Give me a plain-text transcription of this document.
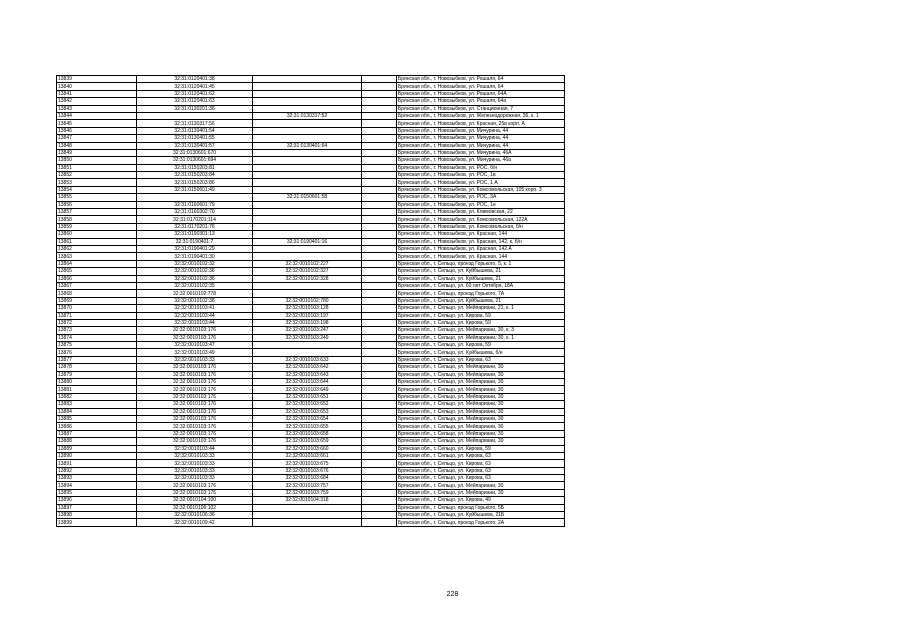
13839	32:31:0120401:38			Брянская обл., г. Новозыбков, ул. Рошаля, 64
13840	32:31:0120401:45			Брянская обл., г. Новозыбков, ул. Рошаля, 64
13841	32:31:0120401:62			Брянская обл., г. Новозыбков, ул. Рошаля, 64А
13842	32:31:0120401:63			Брянская обл., г. Новозыбков, ул. Рошаля, 64а
13843	32:31:0130201:36			Брянская обл., г. Новозыбков, ул. Станционная, 7
13844		32:31:0130317:52		Брянская обл., г. Новозыбков, ул. Железнодорожная, 36, к. 1
13845	32:31:0130317:56			Брянская обл., г. Новозыбков, ул. Красная, 25в корп. А
13846	32:31:0130401:54			Брянская обл., г. Новозыбков, ул. Мичурина, 44
13847	32:31:0130401:55			Брянская обл., г. Новозыбков, ул. Мичурина, 44
13848	32:31:0130401:57	32:31:0130401:64		Брянская обл., г. Новозыбков, ул. Мичурина, 44
13849	32:31:0130601:670			Брянская обл., г. Новозыбков, ул. Мичурина, 46А
13850	32:31:0130601:694			Брянская обл., г. Новозыбков, ул. Мичурина, 46а
13851	32:31:0150203:81			Брянская обл., г. Новозыбков, ул. РОС, б/н
13852	32:31:0150203:84			Брянская обл., г. Новозыбков, ул. РОС, 1в
13853	32:31:0150203:86			Брянская обл., г. Новозыбков, ул. РОС, 1 А
13854	32:31:0150601:49			Брянская обл., г. Новозыбков, ул. Комсомольская, 105 корп. 3
13855		32:31:0150601:58		Брянская обл., г. Новозыбков, ул. РОС, 3А
13856	32:31:0160601:79			Брянская обл., г. Новозыбков, ул. РОС, 1е
13857	32:31:0160302:70			Брянская обл., г. Новозыбков, ул. Климовская, 22
13858	32:31:0170201:114			Брянская обл., г. Новозыбков, ул. Комсомольская, 122А
13859	32:31:0170201:76			Брянская обл., г. Новозыбков, ул. Комсомольская, б/н
13860	32:31:0190301:13			Брянская обл., г. Новозыбков, ул. Красная, 144
13861	32:31:0190401:7	32:31:0190401:16		Брянская обл., г. Новозыбков, ул. Красная, 142, к. б/н
13862	32:31:0190401:29			Брянская обл., г. Новозыбков, ул. Красная, 142 А
13863	32:31:0190401:30			Брянская обл., г. Новозыбков, ул. Красная, 144
13864	32:32:0010102:32	32:32:0010102:227		Брянская обл., г. Сельцо, проезд Горького, 5, к. 1
13865	32:32:0010102:36	32:32:0010102:327		Брянская обл., г. Сельцо, ул. Куйбышева, 21
13866	32:32:0010102:36	32:32:0010102:328		Брянская обл., г. Сельцо, ул. Куйбышева, 21
13867	32:32:0010102:35			Брянская обл., г. Сельцо, ул. 60 лет Октября, 18А
13868	32:32:0010102:778			Брянская обл., г. Сельцо, проезд Горького, 7А
13869	32:32:0010102:38	32:32:0010102:780		Брянская обл., г. Сельцо, ул. Куйбышева, 21
13870	32:32:0010103:41	32:32:0010103:128		Брянская обл., г. Сельцо, ул. Мейпариани, 21, к. 1
13871	32:32:0010103:44	32:32:0010103:197		Брянская обл., г. Сельцо, ул. Кирова, 59
13872	32:32:0010103:44	32:32:0010103:198		Брянская обл., г. Сельцо, ул. Кирова, 59
13873	32:32:0010103:176	32:32:0010103:247		Брянская обл., г. Сельцо, ул. Мейпариани, 30, к. 3
13874	32:32:0010103:176	32:32:0010103:249		Брянская обл., г. Сельцо, ул. Мейпариани, 30, к. 1
13875	32:32:0010103:47			Брянская обл., г. Сельцо, ул. Кирова, 59
13876	32:32:0010103:49			Брянская обл., г. Сельцо, ул. Куйбышева, б/н
13877	32:32:0010103:33	32:32:0010103:633		Брянская обл., г. Сельцо, ул. Кирова, 63
13878	32:32:0010103:176	32:32:0010103:642		Брянская обл., г. Сельцо, ул. Мейпариани, 30
13879	32:32:0010103:176	32:32:0010103:643		Брянская обл., г. Сельцо, ул. Мейпариани, 30
13880	32:32:0010103:176	32:32:0010103:644		Брянская обл., г. Сельцо, ул. Мейпариани, 30
13881	32:32:0010103:176	32:32:0010103:649		Брянская обл., г. Сельцо, ул. Мейпариани, 30
13882	32:32:0010103:176	32:32:0010103:651		Брянская обл., г. Сельцо, ул. Мейпариани, 30
13883	32:32:0010103:176	32:32:0010103:652		Брянская обл., г. Сельцо, ул. Мейпариани, 30
13884	32:32:0010103:176	32:32:0010103:653		Брянская обл., г. Сельцо, ул. Мейпариани, 30
13885	32:32:0010103:176	32:32:0010103:654		Брянская обл., г. Сельцо, ул. Мейпариани, 30
13886	32:32:0010103:176	32:32:0010103:655		Брянская обл., г. Сельцо, ул. Мейпариани, 30
13887	32:32:0010103:176	32:32:0010103:658		Брянская обл., г. Сельцо, ул. Мейпариани, 30
13888	32:32:0010103:176	32:32:0010103:659		Брянская обл., г. Сельцо, ул. Мейпариани, 30
13889	32:32:0010103:44	32:32:0010103:660		Брянская обл., г. Сельцо, ул. Кирова, 59
13890	32:32:0010103:33	32:32:0010103:661		Брянская обл., г. Сельцо, ул. Кирова, 63
13891	32:32:0010103:33	32:32:0010103:675		Брянская обл., г. Сельцо, ул. Кирова, 63
13892	32:32:0010103:33	32:32:0010103:676		Брянская обл., г. Сельцо, ул. Кирова, 63
13893	32:32:0010103:33	32:32:0010103:684		Брянская обл., г. Сельцо, ул. Кирова, 63
13894	32:32:0010103:176	32:32:0010103:757		Брянская обл., г. Сельцо, ул. Мейпариани, 30
13895	32:32:0010103:176	32:32:0010103:759		Брянская обл., г. Сельцо, ул. Мейпариани, 30
13896	32:32:0010104:100	32:32:0010104:318		Брянская обл., г. Сельцо, ул. Кирова, 49
13897	32:32:0010106:102			Брянская обл., г. Сельцо, проезд Горького, 5Б
13898	32:32:0010106:36			Брянская обл., г. Сельцо, ул. Куйбышева, 21Б
13899	32:32:0010109:42			Брянская обл., г. Сельцо, проезд Горького, 2А
228
